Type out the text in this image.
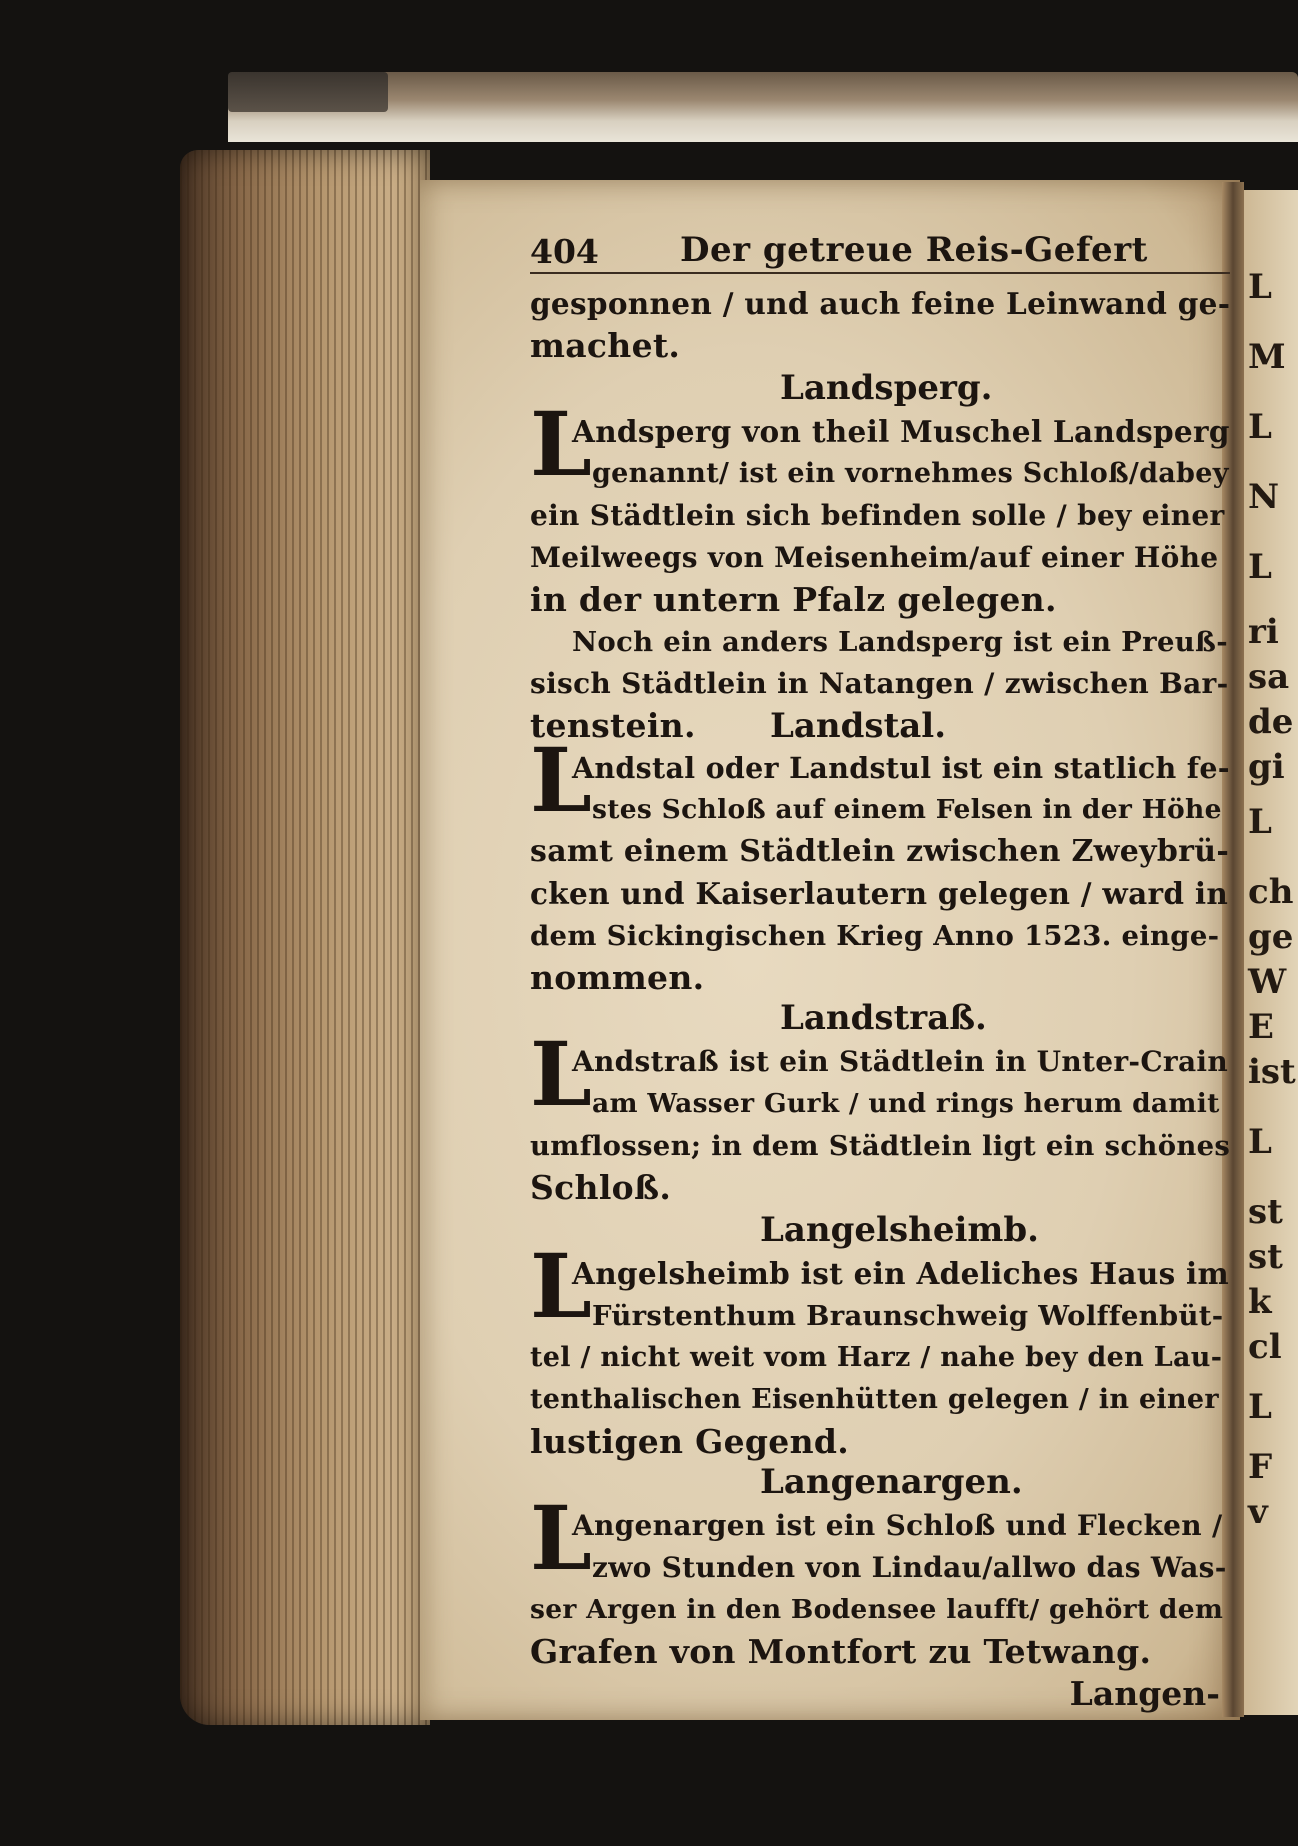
L
M
L
N
L
ri
sa
de
gi
L
ch
ge
W
E
ist
L
st
st
k
cl
L
F
v
404 Der getreue Reis-Gefert
gesponnen / und auch feine Leinwand ge-
machet.
Landsperg.
L
Andsperg von theil Muschel Landsperg
genannt/ ist ein vornehmes Schloß/dabey
ein Städtlein sich befinden solle / bey einer
Meilweegs von Meisenheim/auf einer Höhe
in der untern Pfalz gelegen.
Noch ein anders Landsperg ist ein Preuß-
sisch Städtlein in Natangen / zwischen Bar-
tenstein. Landstal.
L
Andstal oder Landstul ist ein statlich fe-
stes Schloß auf einem Felsen in der Höhe
samt einem Städtlein zwischen Zweybrü-
cken und Kaiserlautern gelegen / ward in
dem Sickingischen Krieg Anno 1523. einge-
nommen.
Landstraß.
L
Andstraß ist ein Städtlein in Unter-Crain
am Wasser Gurk / und rings herum damit
umflossen; in dem Städtlein ligt ein schönes
Schloß.
Langelsheimb.
L
Angelsheimb ist ein Adeliches Haus im
Fürstenthum Braunschweig Wolffenbüt-
tel / nicht weit vom Harz / nahe bey den Lau-
tenthalischen Eisenhütten gelegen / in einer
lustigen Gegend.
Langenargen.
L
Angenargen ist ein Schloß und Flecken /
zwo Stunden von Lindau/allwo das Was-
ser Argen in den Bodensee laufft/ gehört dem
Grafen von Montfort zu Tetwang.
Langen-
